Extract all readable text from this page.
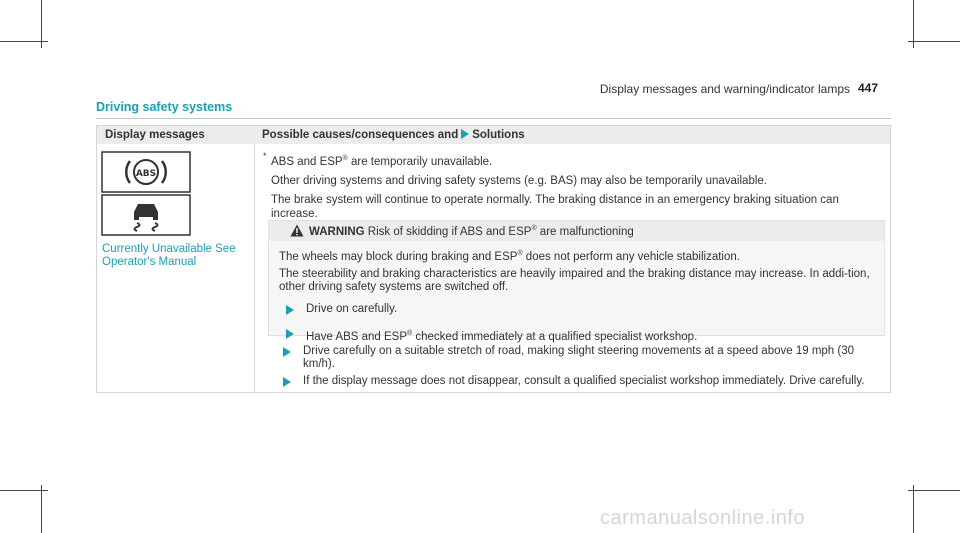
Display messages and warning/indicator lamps 447
Driving safety systems
Display messages	Possible causes/consequences and Solutions
ABS
Currently Unavailable See
Operator's Manual

* ABS and ESP® are temporarily unavailable.

Other driving systems and driving safety systems (e.g. BAS) may also be temporarily unavailable.

The brake system will continue to operate normally. The braking distance in an emergency braking situation can increase.

WARNING Risk of skidding if ABS and ESP® are malfunctioning

The wheels may block during braking and ESP® does not perform any vehicle stabilization.

The steerability and braking characteristics are heavily impaired and the braking distance may increase. In addi-tion, other driving safety systems are switched off.

Drive on carefully.

Have ABS and ESP® checked immediately at a qualified specialist workshop.

Drive carefully on a suitable stretch of road, making slight steering movements at a speed above 19 mph (30 km/h).
If the display message does not disappear, consult a qualified specialist workshop immediately. Drive carefully.
carmanualsonline.info
